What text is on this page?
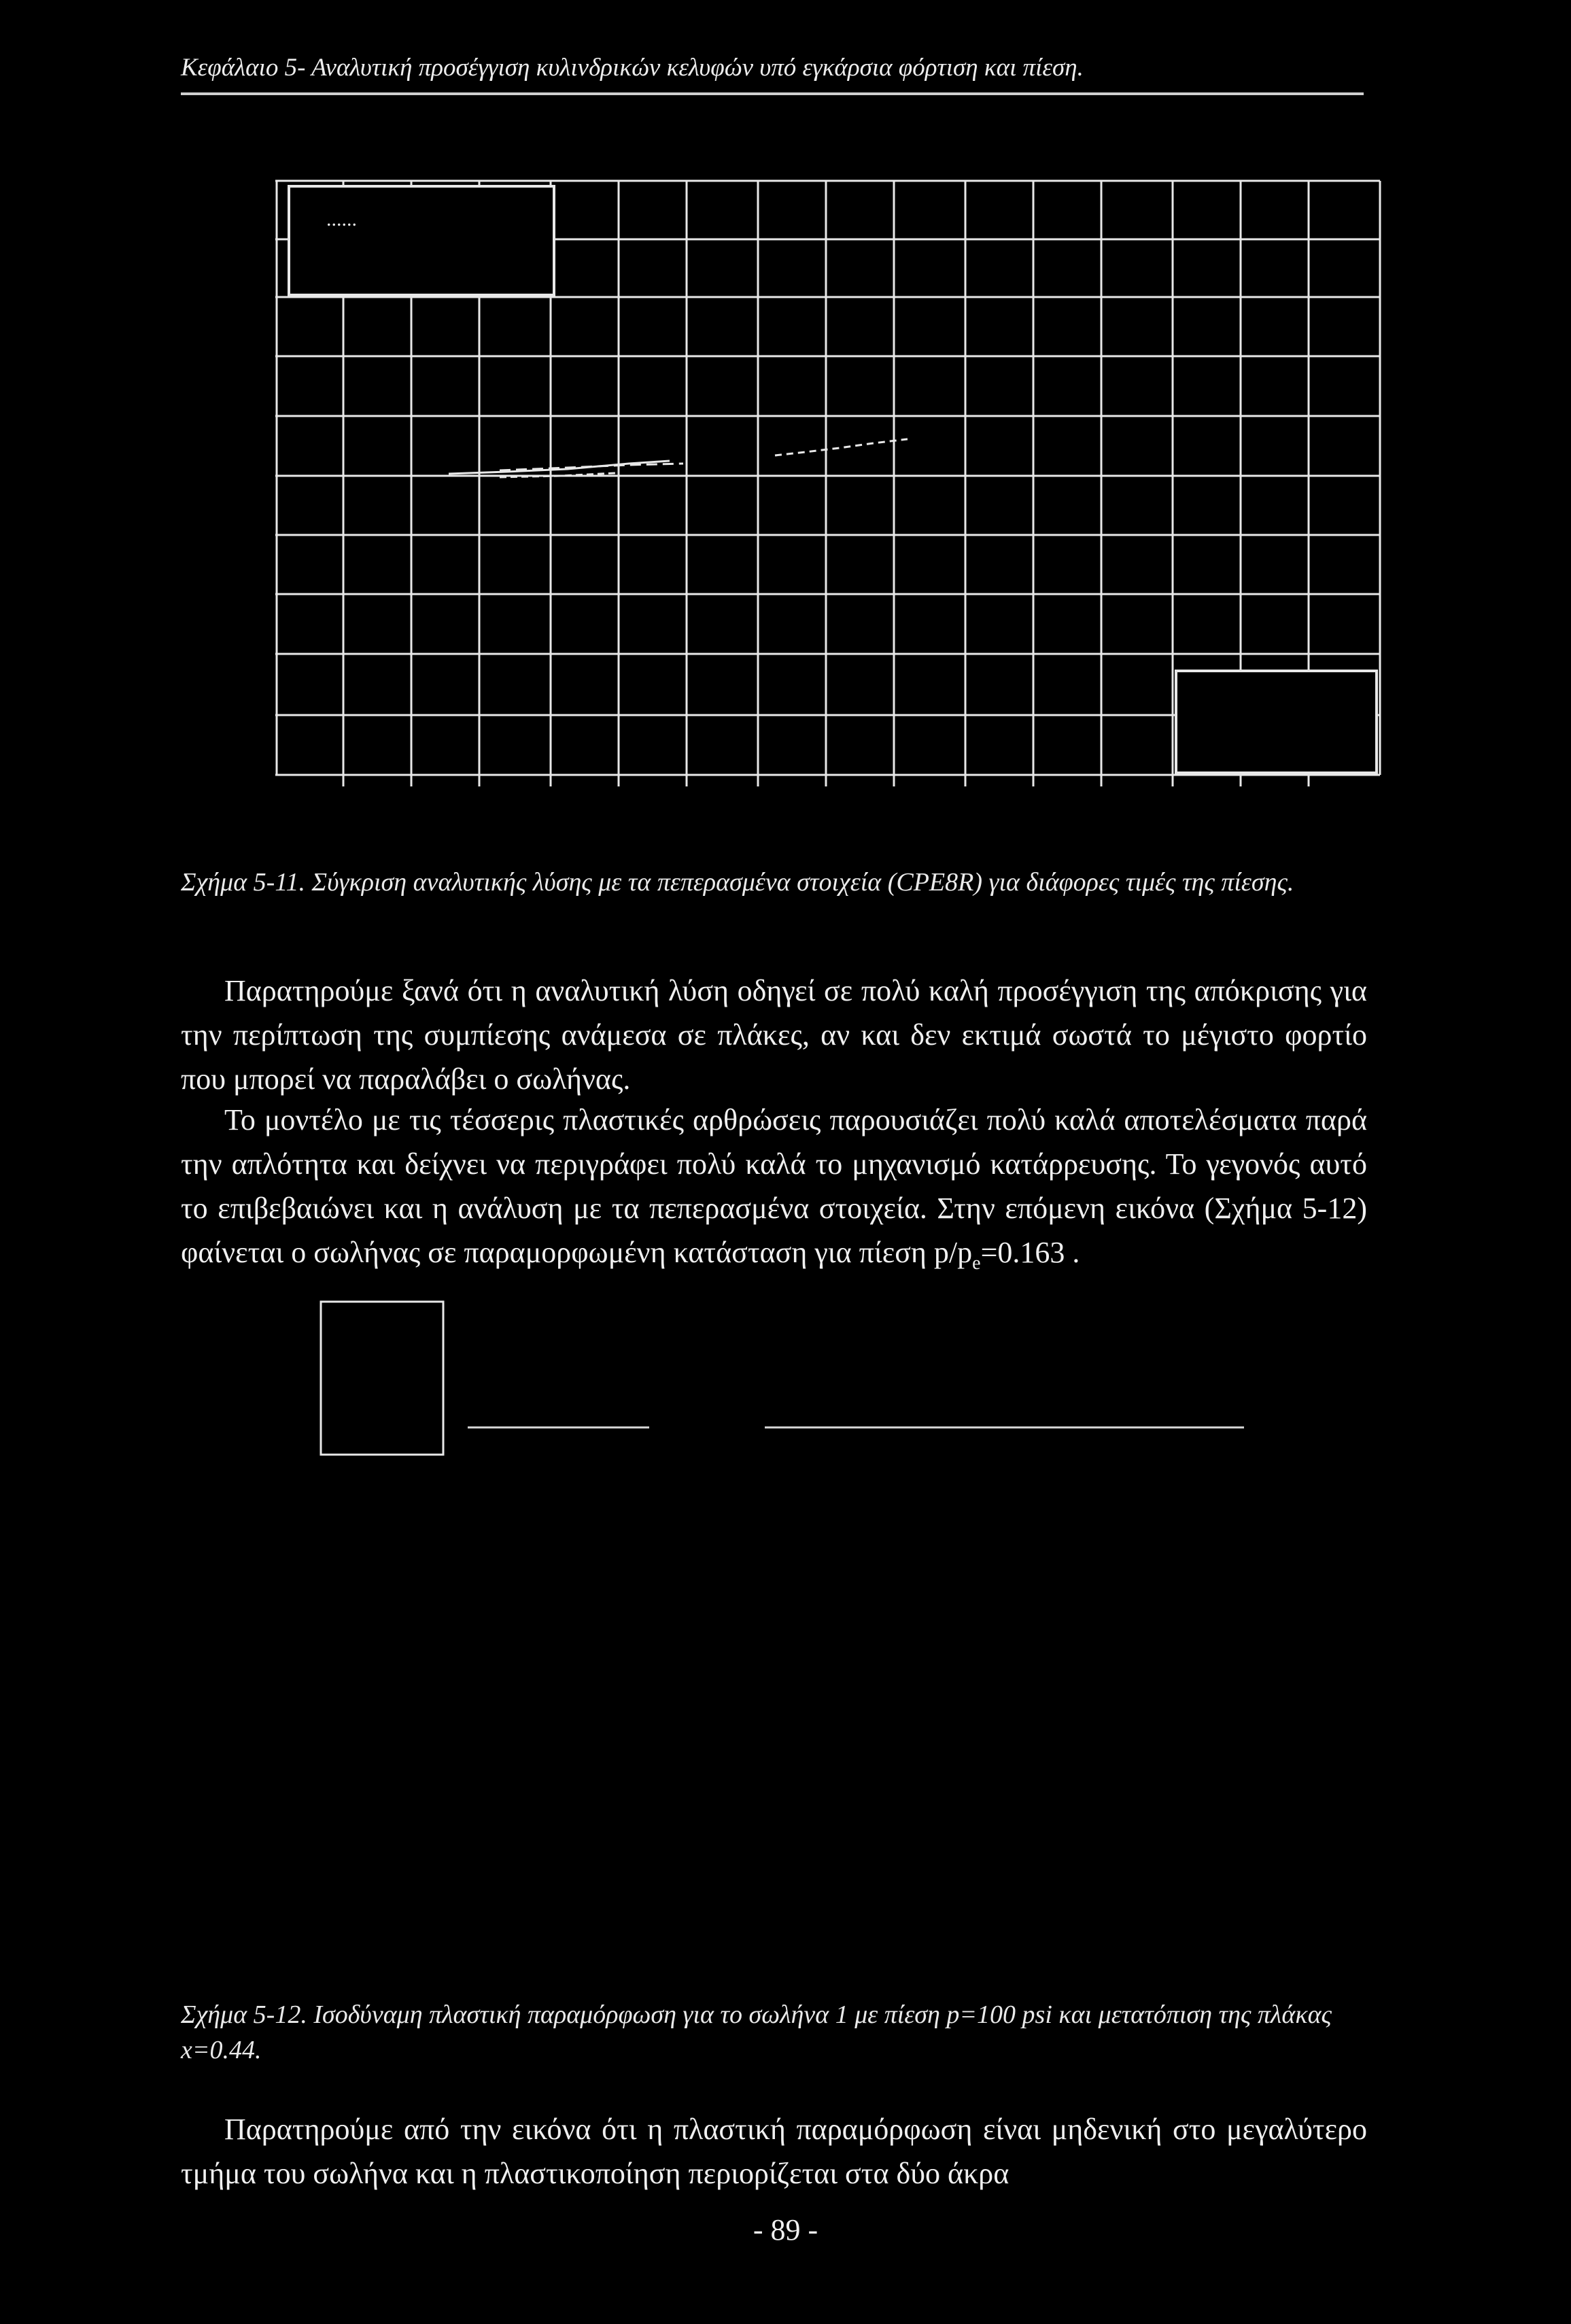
Κεφάλαιο 5- Αναλυτική προσέγγιση κυλινδρικών κελυφών υπό εγκάρσια φόρτιση και πίεση.
......
Σχήμα 5-11. Σύγκριση αναλυτικής λύσης με τα πεπερασμένα στοιχεία (CPE8R) για διάφορες τιμές της πίεσης.

Παρατηρούμε ξανά ότι η αναλυτική λύση οδηγεί σε πολύ καλή προσέγγιση της απόκρισης για την περίπτωση της συμπίεσης ανάμεσα σε πλάκες, αν και δεν εκτιμά σωστά το μέγιστο φορτίο που μπορεί να παραλάβει ο σωλήνας.

Το μοντέλο με τις τέσσερις πλαστικές αρθρώσεις παρουσιάζει πολύ καλά αποτελέσματα παρά την απλότητα και δείχνει να περιγράφει πολύ καλά το μηχανισμό κατάρρευσης. Το γεγονός αυτό το επιβεβαιώνει και η ανάλυση με τα πεπερασμένα στοιχεία. Στην επόμενη εικόνα (Σχήμα 5-12) φαίνεται ο σωλήνας σε παραμορφωμένη κατάσταση για πίεση $p/p_e=0.163$ .

Σχήμα 5-12. Ισοδύναμη πλαστική παραμόρφωση για το σωλήνα 1 με πίεση p=100 psi και μετατόπιση της πλάκας x=0.44.

Παρατηρούμε από την εικόνα ότι η πλαστική παραμόρφωση είναι μηδενική στο μεγαλύτερο τμήμα του σωλήνα και η πλαστικοποίηση περιορίζεται στα δύο άκρα

- 89 -
